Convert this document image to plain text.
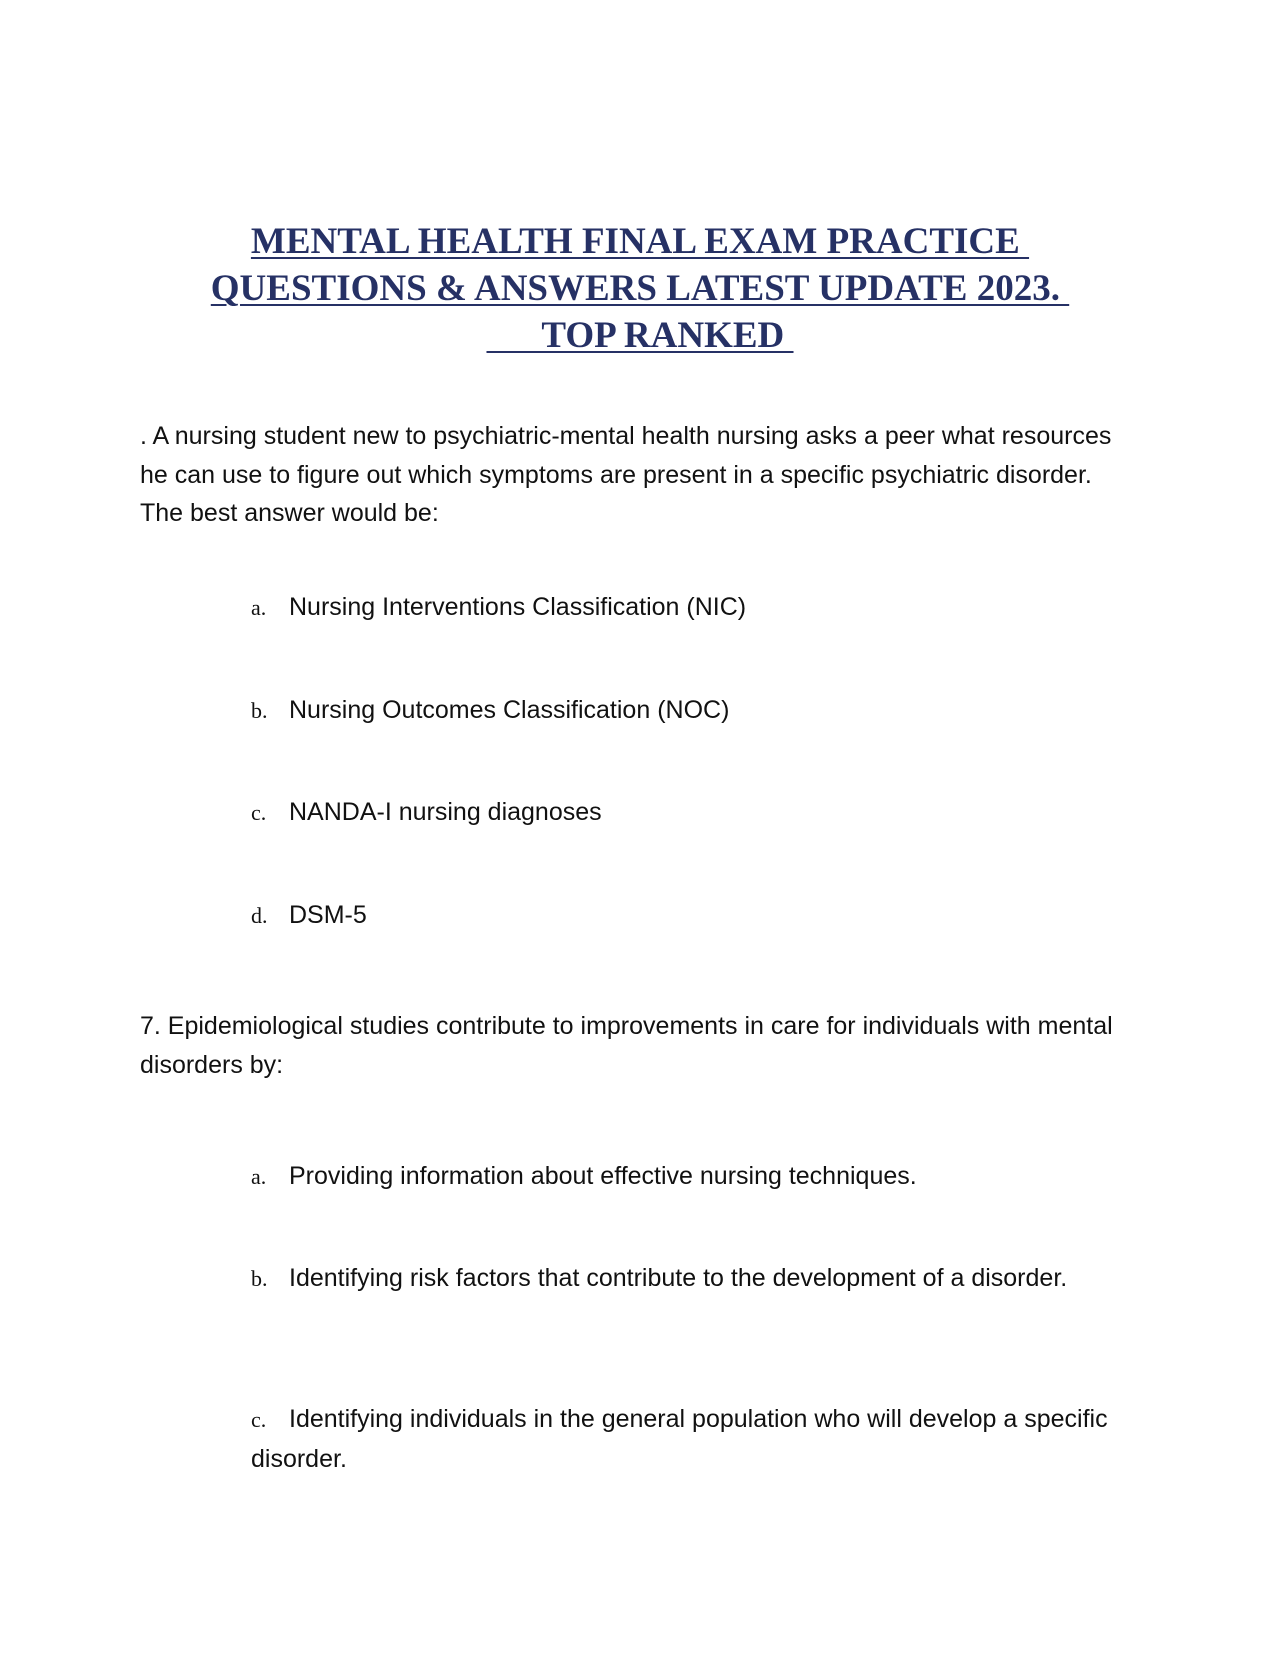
MENTAL HEALTH FINAL EXAM PRACTICE
QUESTIONS & ANSWERS LATEST UPDATE 2023.
TOP RANKED
. A nursing student new to psychiatric-mental health nursing asks a peer what resources he can use to figure out which symptoms are present in a specific psychiatric disorder. The best answer would be:
a. Nursing Interventions Classification (NIC)
b. Nursing Outcomes Classification (NOC)
c. NANDA-I nursing diagnoses
d. DSM-5
7. Epidemiological studies contribute to improvements in care for individuals with mental disorders by:
a. Providing information about effective nursing techniques.
b. Identifying risk factors that contribute to the development of a disorder.
c. Identifying individuals in the general population who will develop a specific disorder.
